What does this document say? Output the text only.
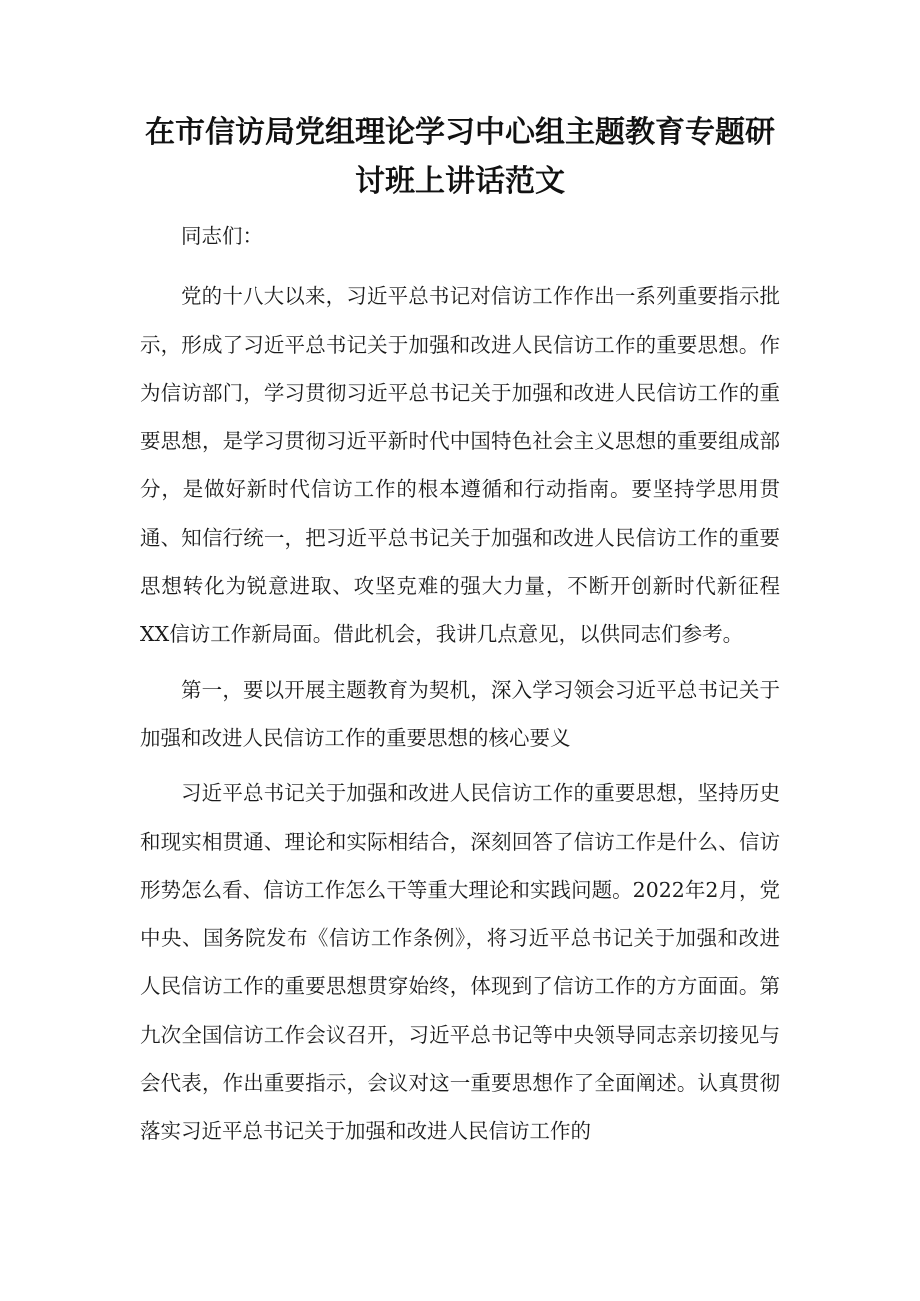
在市信访局党组理论学习中心组主题教育专题研
讨班上讲话范文

同志们：

党的十八大以来，习近平总书记对信访工作作出一系列重要指示批示，形成了习近平总书记关于加强和改进人民信访工作的重要思想。作为信访部门，学习贯彻习近平总书记关于加强和改进人民信访工作的重要思想，是学习贯彻习近平新时代中国特色社会主义思想的重要组成部分，是做好新时代信访工作的根本遵循和行动指南。要坚持学思用贯通、知信行统一，把习近平总书记关于加强和改进人民信访工作的重要思想转化为锐意进取、攻坚克难的强大力量，不断开创新时代新征程XX信访工作新局面。借此机会，我讲几点意见，以供同志们参考。

第一，要以开展主题教育为契机，深入学习领会习近平总书记关于加强和改进人民信访工作的重要思想的核心要义

习近平总书记关于加强和改进人民信访工作的重要思想，坚持历史和现实相贯通、理论和实际相结合，深刻回答了信访工作是什么、信访形势怎么看、信访工作怎么干等重大理论和实践问题。2022年2月，党中央、国务院发布《信访工作条例》，将习近平总书记关于加强和改进人民信访工作的重要思想贯穿始终，体现到了信访工作的方方面面。第九次全国信访工作会议召开，习近平总书记等中央领导同志亲切接见与会代表，作出重要指示，会议对这一重要思想作了全面阐述。认真贯彻落实习近平总书记关于加强和改进人民信访工作的
